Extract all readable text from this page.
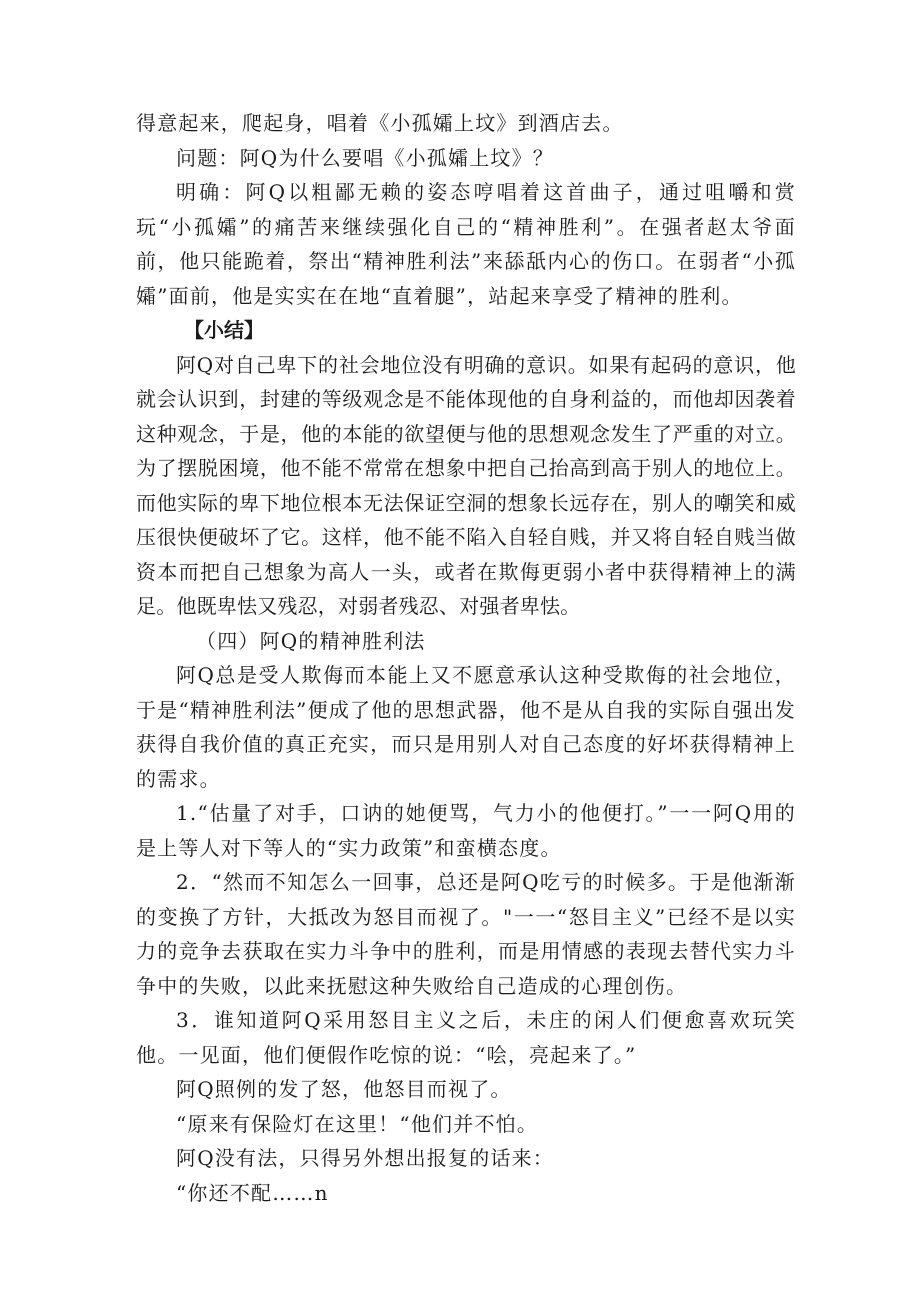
得意起来，爬起身，唱着《小孤孀上坟》到酒店去。

问题：阿Q为什么要唱《小孤孀上坟》？

明确：阿Q以粗鄙无赖的姿态哼唱着这首曲子，通过咀嚼和赏玩“小孤孀”的痛苦来继续强化自己的“精神胜利”。在强者赵太爷面前，他只能跪着，祭出“精神胜利法”来舔舐内心的伤口。在弱者“小孤孀”面前，他是实实在在地“直着腿”，站起来享受了精神的胜利。

【小结】

阿Q对自己卑下的社会地位没有明确的意识。如果有起码的意识，他就会认识到，封建的等级观念是不能体现他的自身利益的，而他却因袭着这种观念，于是，他的本能的欲望便与他的思想观念发生了严重的对立。为了摆脱困境，他不能不常常在想象中把自己抬高到高于别人的地位上。而他实际的卑下地位根本无法保证空洞的想象长远存在，别人的嘲笑和威压很快便破坏了它。这样，他不能不陷入自轻自贱，并又将自轻自贱当做资本而把自己想象为高人一头，或者在欺侮更弱小者中获得精神上的满足。他既卑怯又残忍，对弱者残忍、对强者卑怯。

（四）阿Q的精神胜利法

阿Q总是受人欺侮而本能上又不愿意承认这种受欺侮的社会地位，于是“精神胜利法”便成了他的思想武器，他不是从自我的实际自强出发获得自我价值的真正充实，而只是用别人对自己态度的好坏获得精神上的需求。

1.“估量了对手，口讷的她便骂，气力小的他便打。”一一阿Q用的是上等人对下等人的“实力政策”和蛮横态度。

2．“然而不知怎么一回事，总还是阿Q吃亏的时候多。于是他渐渐的变换了方针，大抵改为怒目而视了。"一一“怒目主义”已经不是以实力的竞争去获取在实力斗争中的胜利，而是用情感的表现去替代实力斗争中的失败，以此来抚慰这种失败给自己造成的心理创伤。

3．谁知道阿Q采用怒目主义之后，未庄的闲人们便愈喜欢玩笑他。一见面，他们便假作吃惊的说：“哙，亮起来了。”

阿Q照例的发了怒，他怒目而视了。

“原来有保险灯在这里！“他们并不怕。

阿Q没有法，只得另外想出报复的话来：

“你还不配……n
